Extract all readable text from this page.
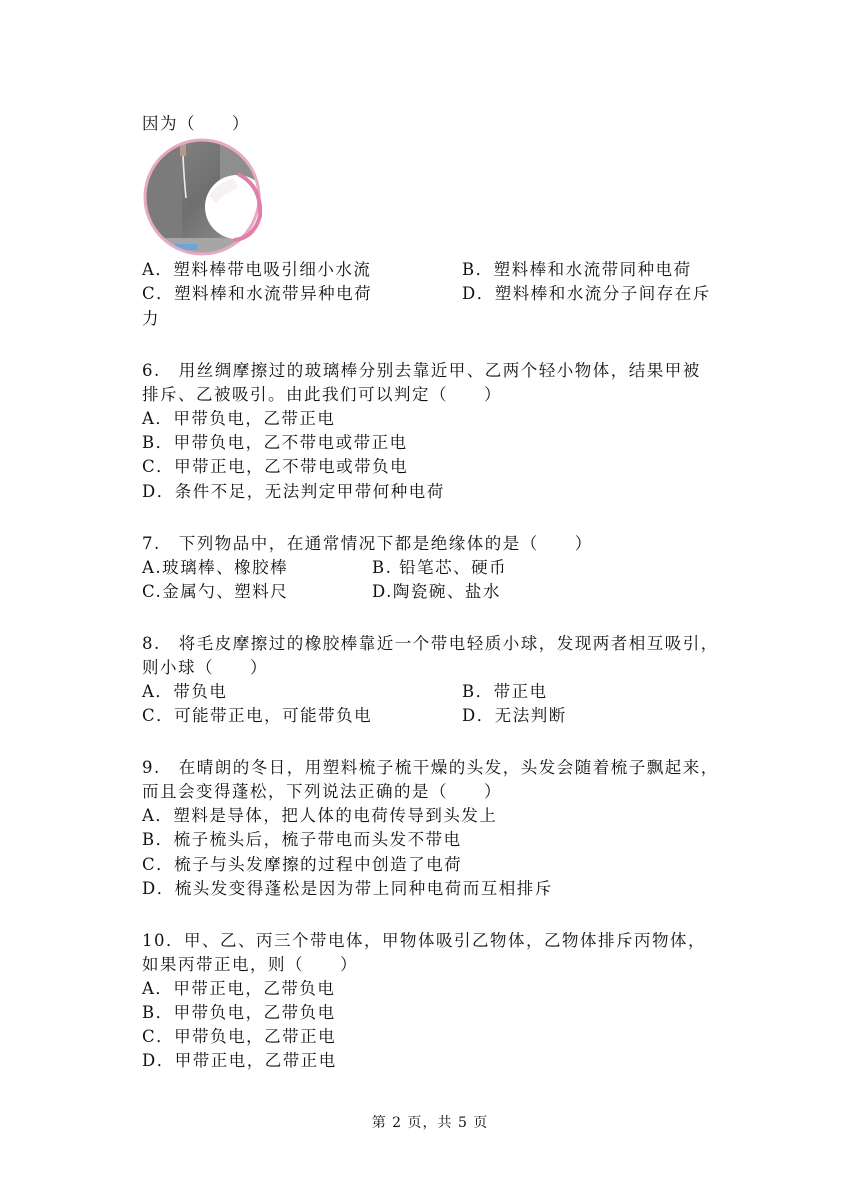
因为（　　）
A．塑料棒带电吸引细小水流	B．塑料棒和水流带同种电荷
C．塑料棒和水流带异种电荷	D．塑料棒和水流分子间存在斥
力
6.　用丝绸摩擦过的玻璃棒分别去靠近甲、乙两个轻小物体，结果甲被
排斥、乙被吸引。由此我们可以判定（　　）
A．甲带负电，乙带正电
B．甲带负电，乙不带电或带正电
C．甲带正电，乙不带电或带负电
D．条件不足，无法判定甲带何种电荷
7.　下列物品中，在通常情况下都是绝缘体的是（　　）
A.玻璃棒、橡胶棒	B. 铅笔芯、硬币
C.金属勺、塑料尺	D.陶瓷碗、盐水
8.　将毛皮摩擦过的橡胶棒靠近一个带电轻质小球，发现两者相互吸引，
则小球（　　）
A．带负电	B．带正电
C．可能带正电，可能带负电	D．无法判断
9.　在晴朗的冬日，用塑料梳子梳干燥的头发，头发会随着梳子飘起来，
而且会变得蓬松，下列说法正确的是（　　）
A．塑料是导体，把人体的电荷传导到头发上
B．梳子梳头后，梳子带电而头发不带电
C．梳子与头发摩擦的过程中创造了电荷
D．梳头发变得蓬松是因为带上同种电荷而互相排斥
10．甲、乙、丙三个带电体，甲物体吸引乙物体，乙物体排斥丙物体，
如果丙带正电，则（　　）
A．甲带正电，乙带负电
B．甲带负电，乙带负电
C．甲带负电，乙带正电
D．甲带正电，乙带正电
第 2 页，共 5 页
